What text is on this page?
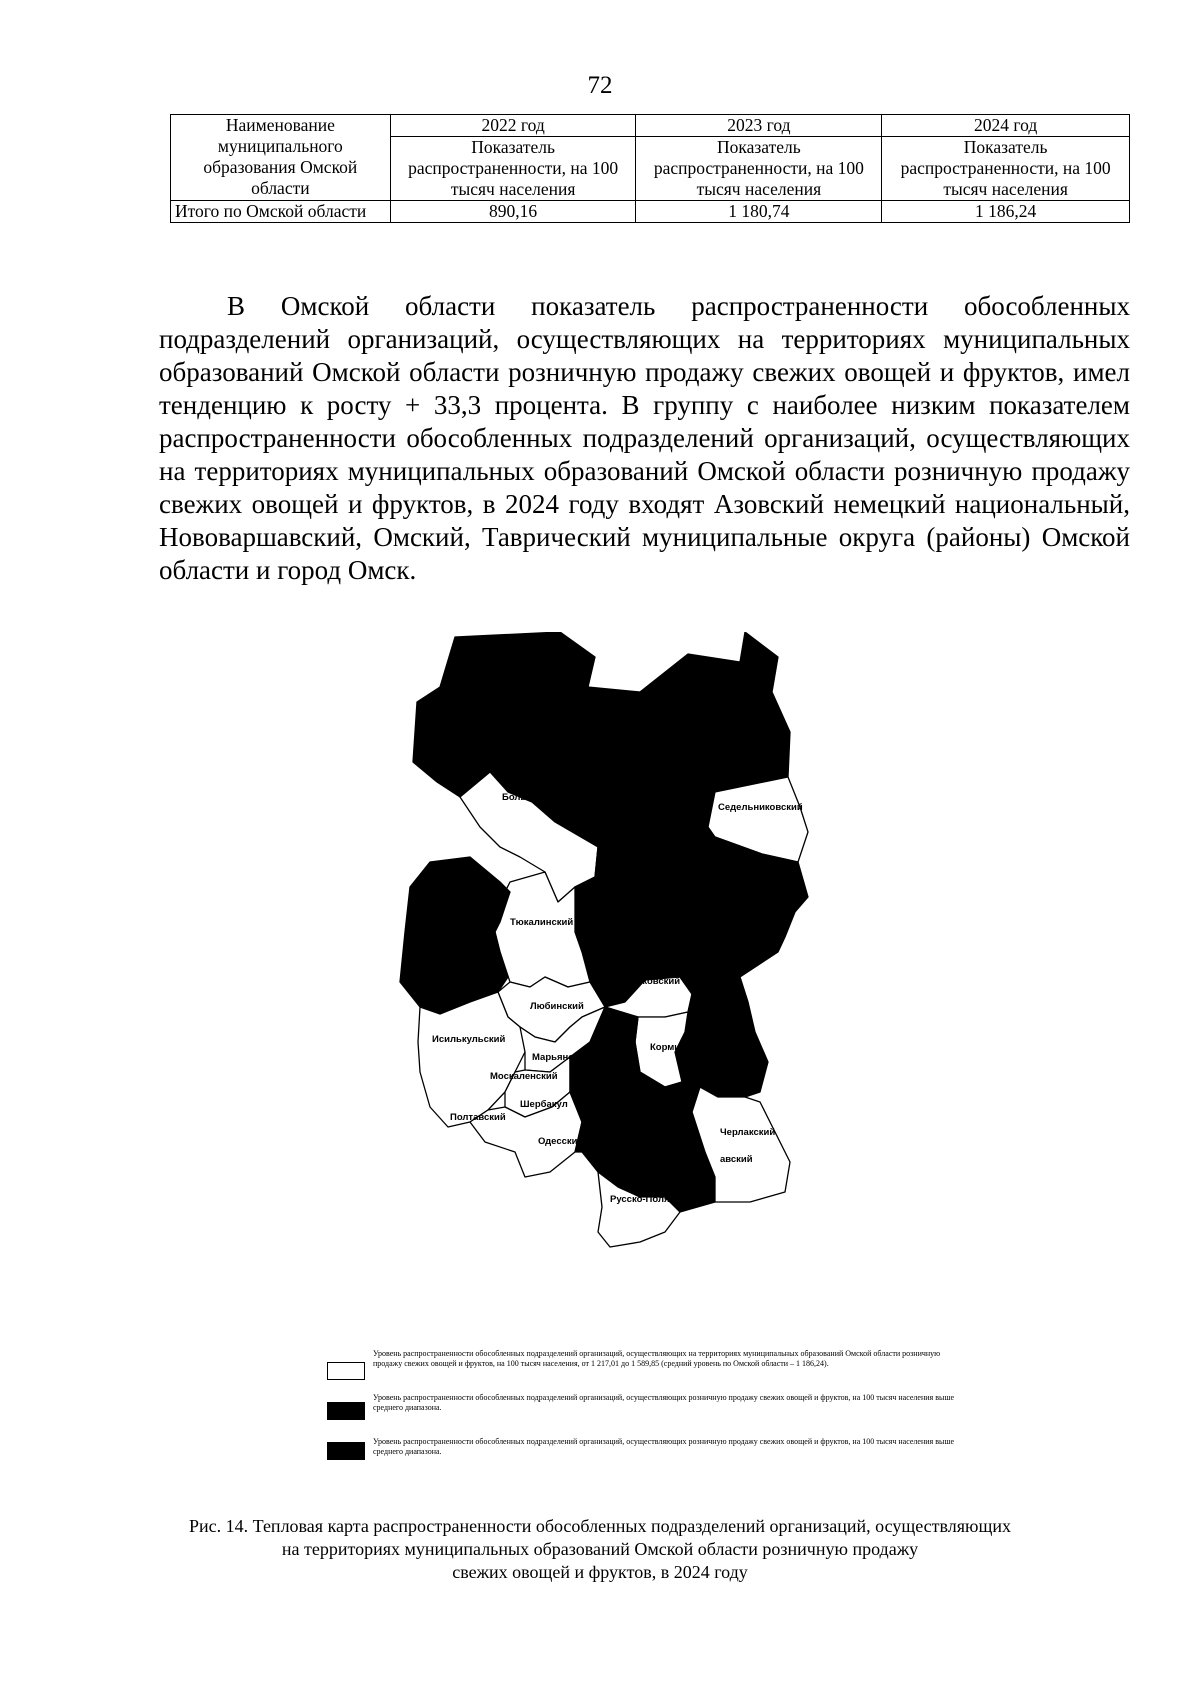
72
Наименование муниципального образования Омской области	2022 год	2023 год	2024 год
	Показатель распространенности, на 100 тысяч населения	Показатель распространенности, на 100 тысяч населения	Показатель распространенности, на 100 тысяч населения
Итого по Омской области	890,16	1 180,74	1 186,24

В Омской области показатель распространенности обособленных подразделений организаций, осуществляющих на территориях муниципальных образований Омской области розничную продажу свежих овощей и фруктов, имел тенденцию к росту + 33,3 процента. В группу с наиболее низким показателем распространенности обособленных подразделений организаций, осуществляющих на территориях муниципальных образований Омской области розничную продажу свежих овощей и фруктов, в 2024 году входят Азовский немецкий национальный, Нововаршавский, Омский, Таврический муниципальные округа (районы) Омской области и город Омск.

Большеуковский
Седельниковский
Тюкалинский
Горьковский
Любинский
Исилькульский
Марьяновс
Корми
Москаленский
Шербакул
Полтавский
Одесский
Черлакский
авский
Русско-Полянск
Уровень распространенности обособленных подразделений организаций, осуществляющих на территориях муниципальных образований Омской области розничную продажу свежих овощей и фруктов, на 100 тысяч населения, от 1 217,01 до 1 589,85 (средний уровень по Омской области – 1 186,24).
Уровень распространенности обособленных подразделений организаций, осуществляющих розничную продажу свежих овощей и фруктов, на 100 тысяч населения выше среднего диапазона.
Уровень распространенности обособленных подразделений организаций, осуществляющих розничную продажу свежих овощей и фруктов, на 100 тысяч населения выше среднего диапазона.
Рис. 14. Тепловая карта распространенности обособленных подразделений организаций, осуществляющих
на территориях муниципальных образований Омской области розничную продажу
свежих овощей и фруктов, в 2024 году
